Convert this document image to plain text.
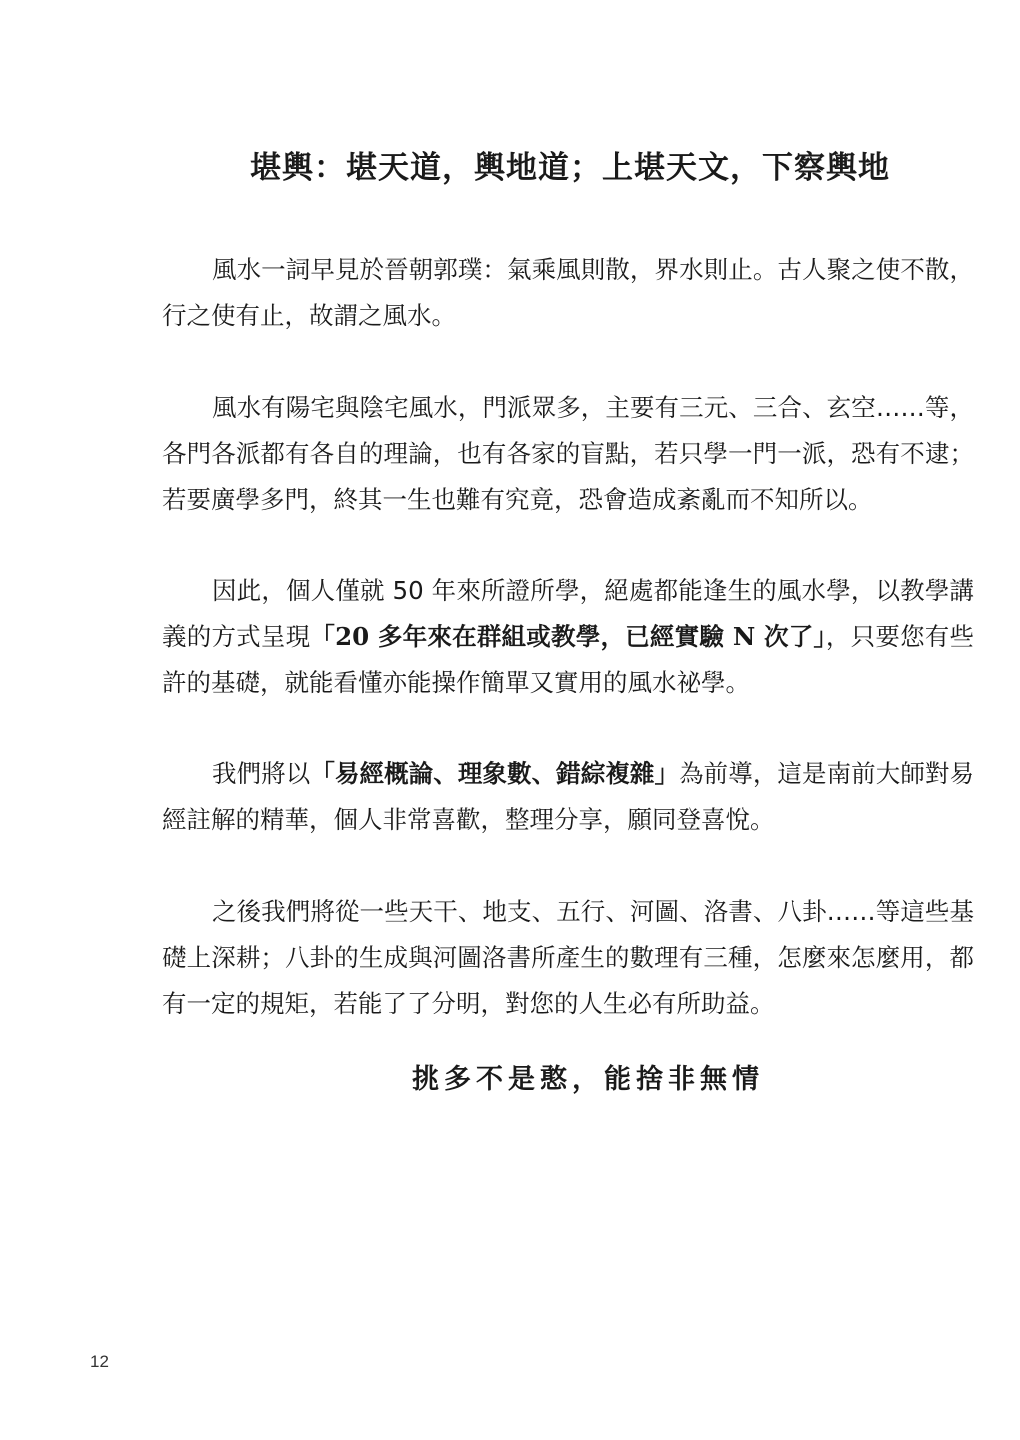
堪輿：堪天道，輿地道；上堪天文，下察輿地

風水一詞早見於晉朝郭璞：氣乘風則散，界水則止。古人聚之使不散，行之使有止，故謂之風水。

風水有陽宅與陰宅風水，門派眾多，主要有三元、三合、玄空……等，各門各派都有各自的理論，也有各家的盲點，若只學一門一派，恐有不逮；若要廣學多門，終其一生也難有究竟，恐會造成紊亂而不知所以。

因此，個人僅就 50 年來所證所學，絕處都能逢生的風水學，以教學講義的方式呈現「20 多年來在群組或教學，已經實驗 N 次了」，只要您有些許的基礎，就能看懂亦能操作簡單又實用的風水祕學。

我們將以「易經概論、理象數、錯綜複雜」為前導，這是南前大師對易經註解的精華，個人非常喜歡，整理分享，願同登喜悅。

之後我們將從一些天干、地支、五行、河圖、洛書、八卦……等這些基礎上深耕；八卦的生成與河圖洛書所產生的數理有三種，怎麼來怎麼用，都有一定的規矩，若能了了分明，對您的人生必有所助益。

挑多不是憨，能捨非無情
12
